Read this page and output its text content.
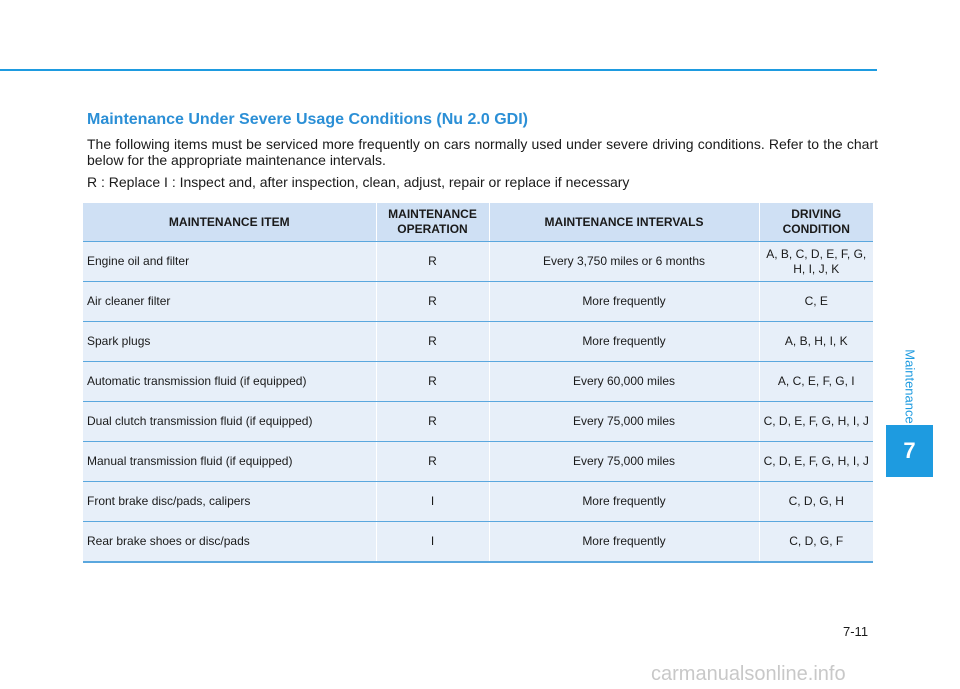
Maintenance Under Severe Usage Conditions (Nu 2.0 GDI)

The following items must be serviced more frequently on cars normally used under severe driving conditions. Refer to the chart below for the appropriate maintenance intervals.

R : Replace I : Inspect and, after inspection, clean, adjust, repair or replace if necessary

MAINTENANCE ITEM	MAINTENANCE OPERATION	MAINTENANCE INTERVALS	DRIVING CONDITION
Engine oil and filter	R	Every 3,750 miles or 6 months	A, B, C, D, E, F, G, H, I, J, K
Air cleaner filter	R	More frequently	C, E
Spark plugs	R	More frequently	A, B, H, I, K
Automatic transmission fluid (if equipped)	R	Every 60,000 miles	A, C, E, F, G, I
Dual clutch transmission fluid (if equipped)	R	Every 75,000 miles	C, D, E, F, G, H, I, J
Manual transmission fluid (if equipped)	R	Every 75,000 miles	C, D, E, F, G, H, I, J
Front brake disc/pads, calipers	I	More frequently	C, D, G, H
Rear brake shoes or disc/pads	I	More frequently	C, D, G, F
Maintenance
7
7-11
carmanualsonline.info
